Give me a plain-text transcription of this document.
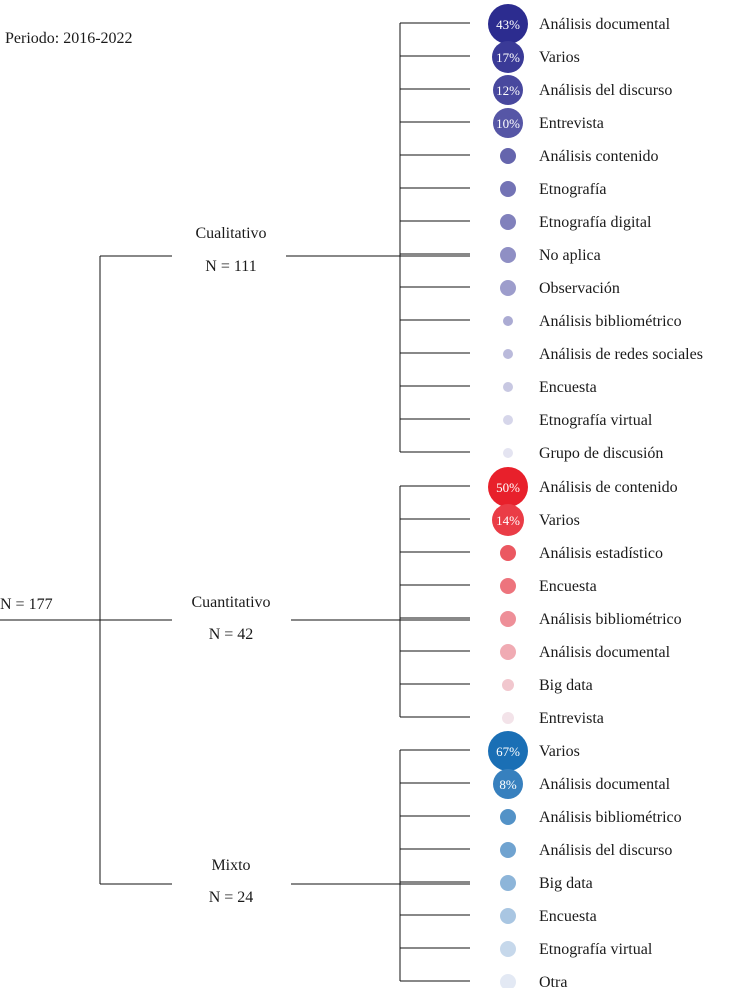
Periodo: 2016-2022
N = 177
Cualitativo
N = 111
43% Análisis documental
17% Varios
12% Análisis del discurso
10% Entrevista
Análisis contenido
Etnografía
Etnografía digital
No aplica
Observación
Análisis bibliométrico
Análisis de redes sociales
Encuesta
Etnografía virtual
Grupo de discusión
Cuantitativo
N = 42
50% Análisis de contenido
14% Varios
Análisis estadístico
Encuesta
Análisis bibliométrico
Análisis documental
Big data
Entrevista
Mixto
N = 24
67% Varios
8% Análisis documental
Análisis bibliométrico
Análisis del discurso
Big data
Encuesta
Etnografía virtual
Otra
